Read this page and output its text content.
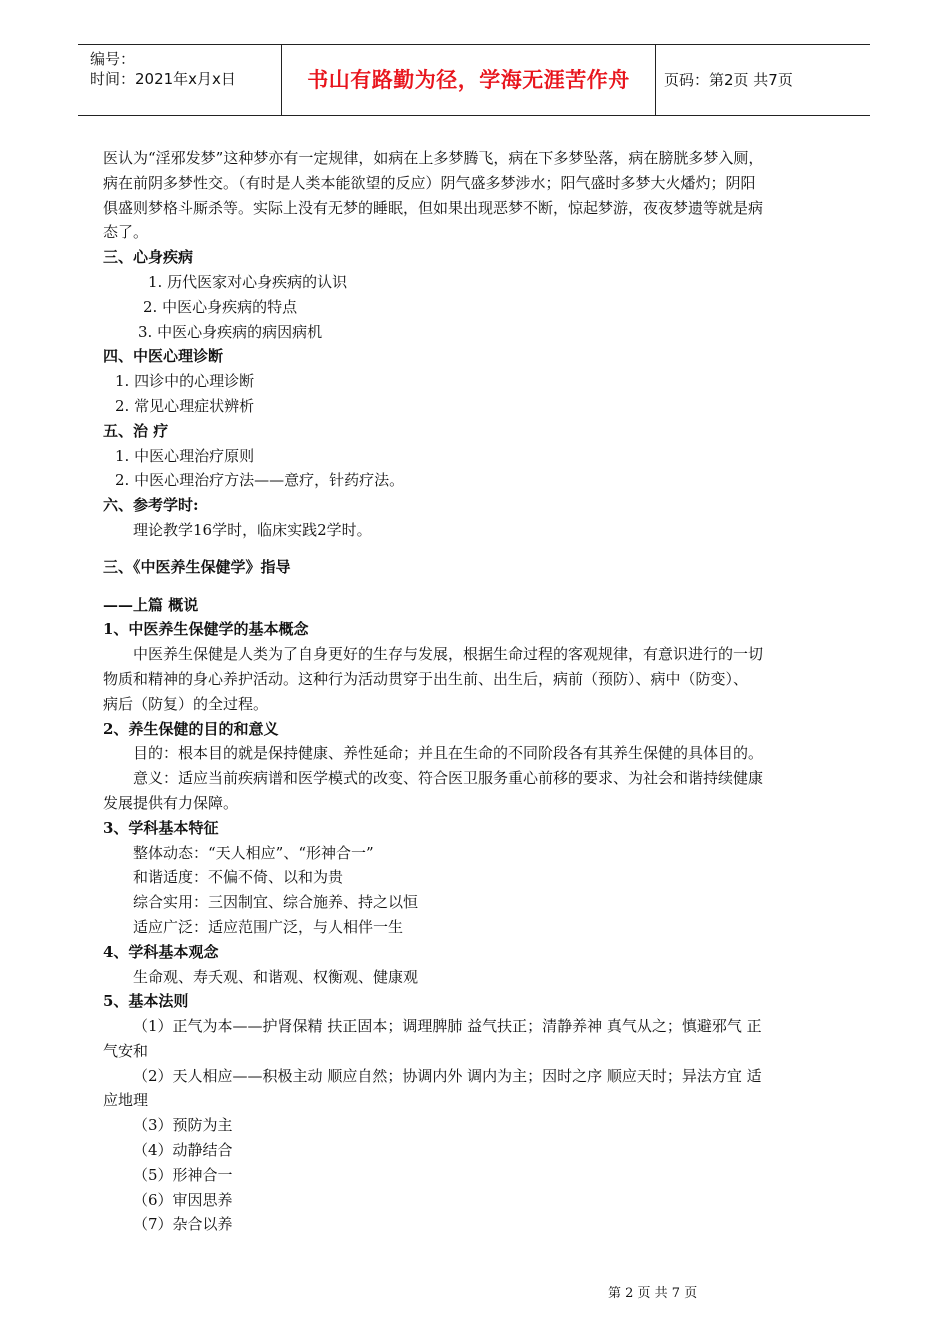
编号：
时间：2021年x月x日	书山有路勤为径，学海无涯苦作舟	页码：第2页 共7页
医认为“淫邪发梦”这种梦亦有一定规律，如病在上多梦腾飞，病在下多梦坠落，病在膀胱多梦入厕，
病在前阴多梦性交。（有时是人类本能欲望的反应）阴气盛多梦涉水；阳气盛时多梦大火燔灼；阴阳
俱盛则梦格斗厮杀等。实际上没有无梦的睡眠，但如果出现恶梦不断，惊起梦游，夜夜梦遗等就是病
态了。
三、心身疾病
1. 历代医家对心身疾病的认识
2. 中医心身疾病的特点
3. 中医心身疾病的病因病机
四、中医心理诊断
1. 四诊中的心理诊断
2. 常见心理症状辨析
五、治 疗
1. 中医心理治疗原则
2. 中医心理治疗方法——意疗，针药疗法。
六、参考学时:
理论教学16学时，临床实践2学时。
三、《中医养生保健学》指导
——上篇 概说
1、中医养生保健学的基本概念
中医养生保健是人类为了自身更好的生存与发展，根据生命过程的客观规律，有意识进行的一切
物质和精神的身心养护活动。这种行为活动贯穿于出生前、出生后，病前（预防）、病中（防变）、
病后（防复）的全过程。
2、养生保健的目的和意义
目的：根本目的就是保持健康、养性延命；并且在生命的不同阶段各有其养生保健的具体目的。
意义：适应当前疾病谱和医学模式的改变、符合医卫服务重心前移的要求、为社会和谐持续健康
发展提供有力保障。
3、学科基本特征
整体动态：“天人相应”、“形神合一”
和谐适度：不偏不倚、以和为贵
综合实用：三因制宜、综合施养、持之以恒
适应广泛：适应范围广泛，与人相伴一生
4、学科基本观念
生命观、寿夭观、和谐观、权衡观、健康观
5、基本法则
（1）正气为本——护肾保精 扶正固本；调理脾肺 益气扶正；清静养神 真气从之；慎避邪气 正
气安和
（2）天人相应——积极主动 顺应自然；协调内外 调内为主；因时之序 顺应天时；异法方宜 适
应地理
（3）预防为主
（4）动静结合
（5）形神合一
（6）审因思养
（7）杂合以养
第 2 页 共 7 页
